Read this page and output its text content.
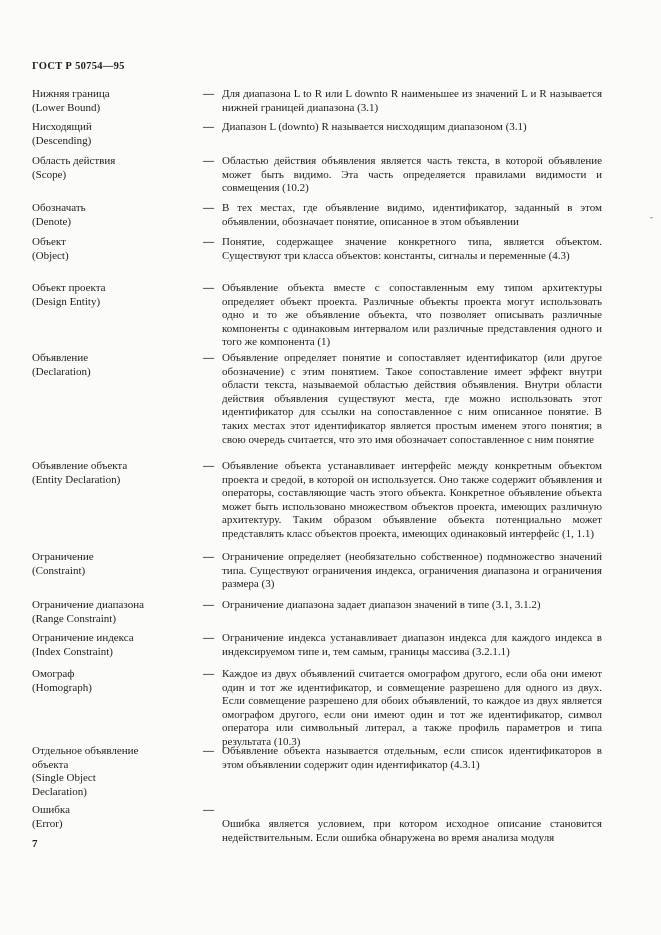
ГОСТ Р 50754—95
Нижняя граница
(Lower Bound)
— Для диапазона L to R или L downto R наименьшее из значений L и R называется нижней границей диапазона (3.1)
Нисходящий
(Descending)
— Диапазон L (downto) R называется нисходящим диапазоном (3.1)
Область действия
(Scope)
— Областью действия объявления является часть текста, в которой объявление может быть видимо. Эта часть определяется правилами видимости и совмещения (10.2)
Обозначать
(Denote)
— В тех местах, где объявление видимо, идентификатор, заданный в этом объявлении, обозначает понятие, описанное в этом объявлении
Объект
(Object)
— Понятие, содержащее значение конкретного типа, является объектом. Существуют три класса объектов: константы, сигналы и переменные (4.3)
Объект проекта
(Design Entity)
— Объявление объекта вместе с сопоставленным ему типом архитектуры определяет объект проекта. Различные объекты проекта могут использовать одно и то же объявление объекта, что позволяет описывать различные компоненты с одинаковым интервалом или различные представления одного и того же компонента (1)
Объявление
(Declaration)
— Объявление определяет понятие и сопоставляет идентификатор (или другое обозначение) с этим понятием. Такое сопоставление имеет эффект внутри области текста, называемой областью действия объявления. Внутри области действия объявления существуют места, где можно использовать этот идентификатор для ссылки на сопоставленное с ним описанное понятие. В таких местах этот идентификатор является простым именем этого понятия; в свою очередь считается, что это имя обозначает сопоставленное с ним понятие
Объявление объекта
(Entity Declaration)
— Объявление объекта устанавливает интерфейс между конкретным объектом проекта и средой, в которой он используется. Оно также содержит объявления и операторы, составляющие часть этого объекта. Конкретное объявление объекта может быть использовано множеством объектов проекта, имеющих различную архитектуру. Таким образом объявление объекта потенциально может представлять класс объектов проекта, имеющих одинаковый интерфейс (1, 1.1)
Ограничение
(Constraint)
— Ограничение определяет (необязательно собственное) подмножество значений типа. Существуют ограничения индекса, ограничения диапазона и ограничения размера (3)
Ограничение диапазона
(Range Constraint)
— Ограничение диапазона задает диапазон значений в типе (3.1, 3.1.2)
Ограничение индекса
(Index Constraint)
— Ограничение индекса устанавливает диапазон индекса для каждого индекса в индексируемом типе и, тем самым, границы массива (3.2.1.1)
Омограф
(Homograph)
— Каждое из двух объявлений считается омографом другого, если оба они имеют один и тот же идентификатор, и совмещение разрешено для одного из двух. Если совмещение разрешено для обоих объявлений, то каждое из двух является омографом другого, если они имеют один и тот же идентификатор, символ оператора или символьный литерал, а также профиль параметров и типа результата (10.3)
Отдельное объявление
объекта
(Single Object
Declaration)
— Объявление объекта называется отдельным, если список идентификаторов в этом объявлении содержит один идентификатор (4.3.1)
Ошибка
(Error)
—
Ошибка является условием, при котором исходное описание становится недействительным. Если ошибка обнаружена во время анализа модуля
7
-
